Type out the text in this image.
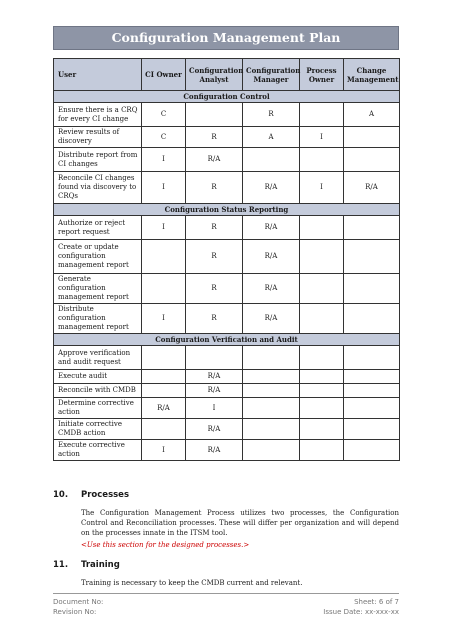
Configuration Management Plan
User	CI Owner	Configuration Analyst	Configuration Manager	Process Owner	Change Management
Configuration Control					
Ensure there is a CRQ for every CI change	C		R		A
Review results of discovery	C	R	A	I	
Distribute report from CI changes	I	R/A			
Reconcile CI changes found via discovery to CRQs	I	R	R/A	I	R/A
Configuration Status Reporting					
Authorize or reject report request	I	R	R/A		
Create or update configuration management report		R	R/A		
Generate configuration management report		R	R/A		
Distribute configuration management report	I	R	R/A		
Configuration Verification and Audit					
Approve verification and audit request					
Execute audit		R/A			
Reconcile with CMDB		R/A			
Determine corrective action	R/A	I			
Initiate corrective CMDB action		R/A			
Execute corrective action	I	R/A			
10. Processes
The Configuration Management Process utilizes two processes, the Configuration Control and Reconciliation processes. These will differ per organization and will depend on the processes innate in the ITSM tool.
<Use this section for the designed processes.>
11. Training
Training is necessary to keep the CMDB current and relevant.
Document No:
Revision No:
Sheet: 6 of 7
Issue Date: xx-xxx-xx
